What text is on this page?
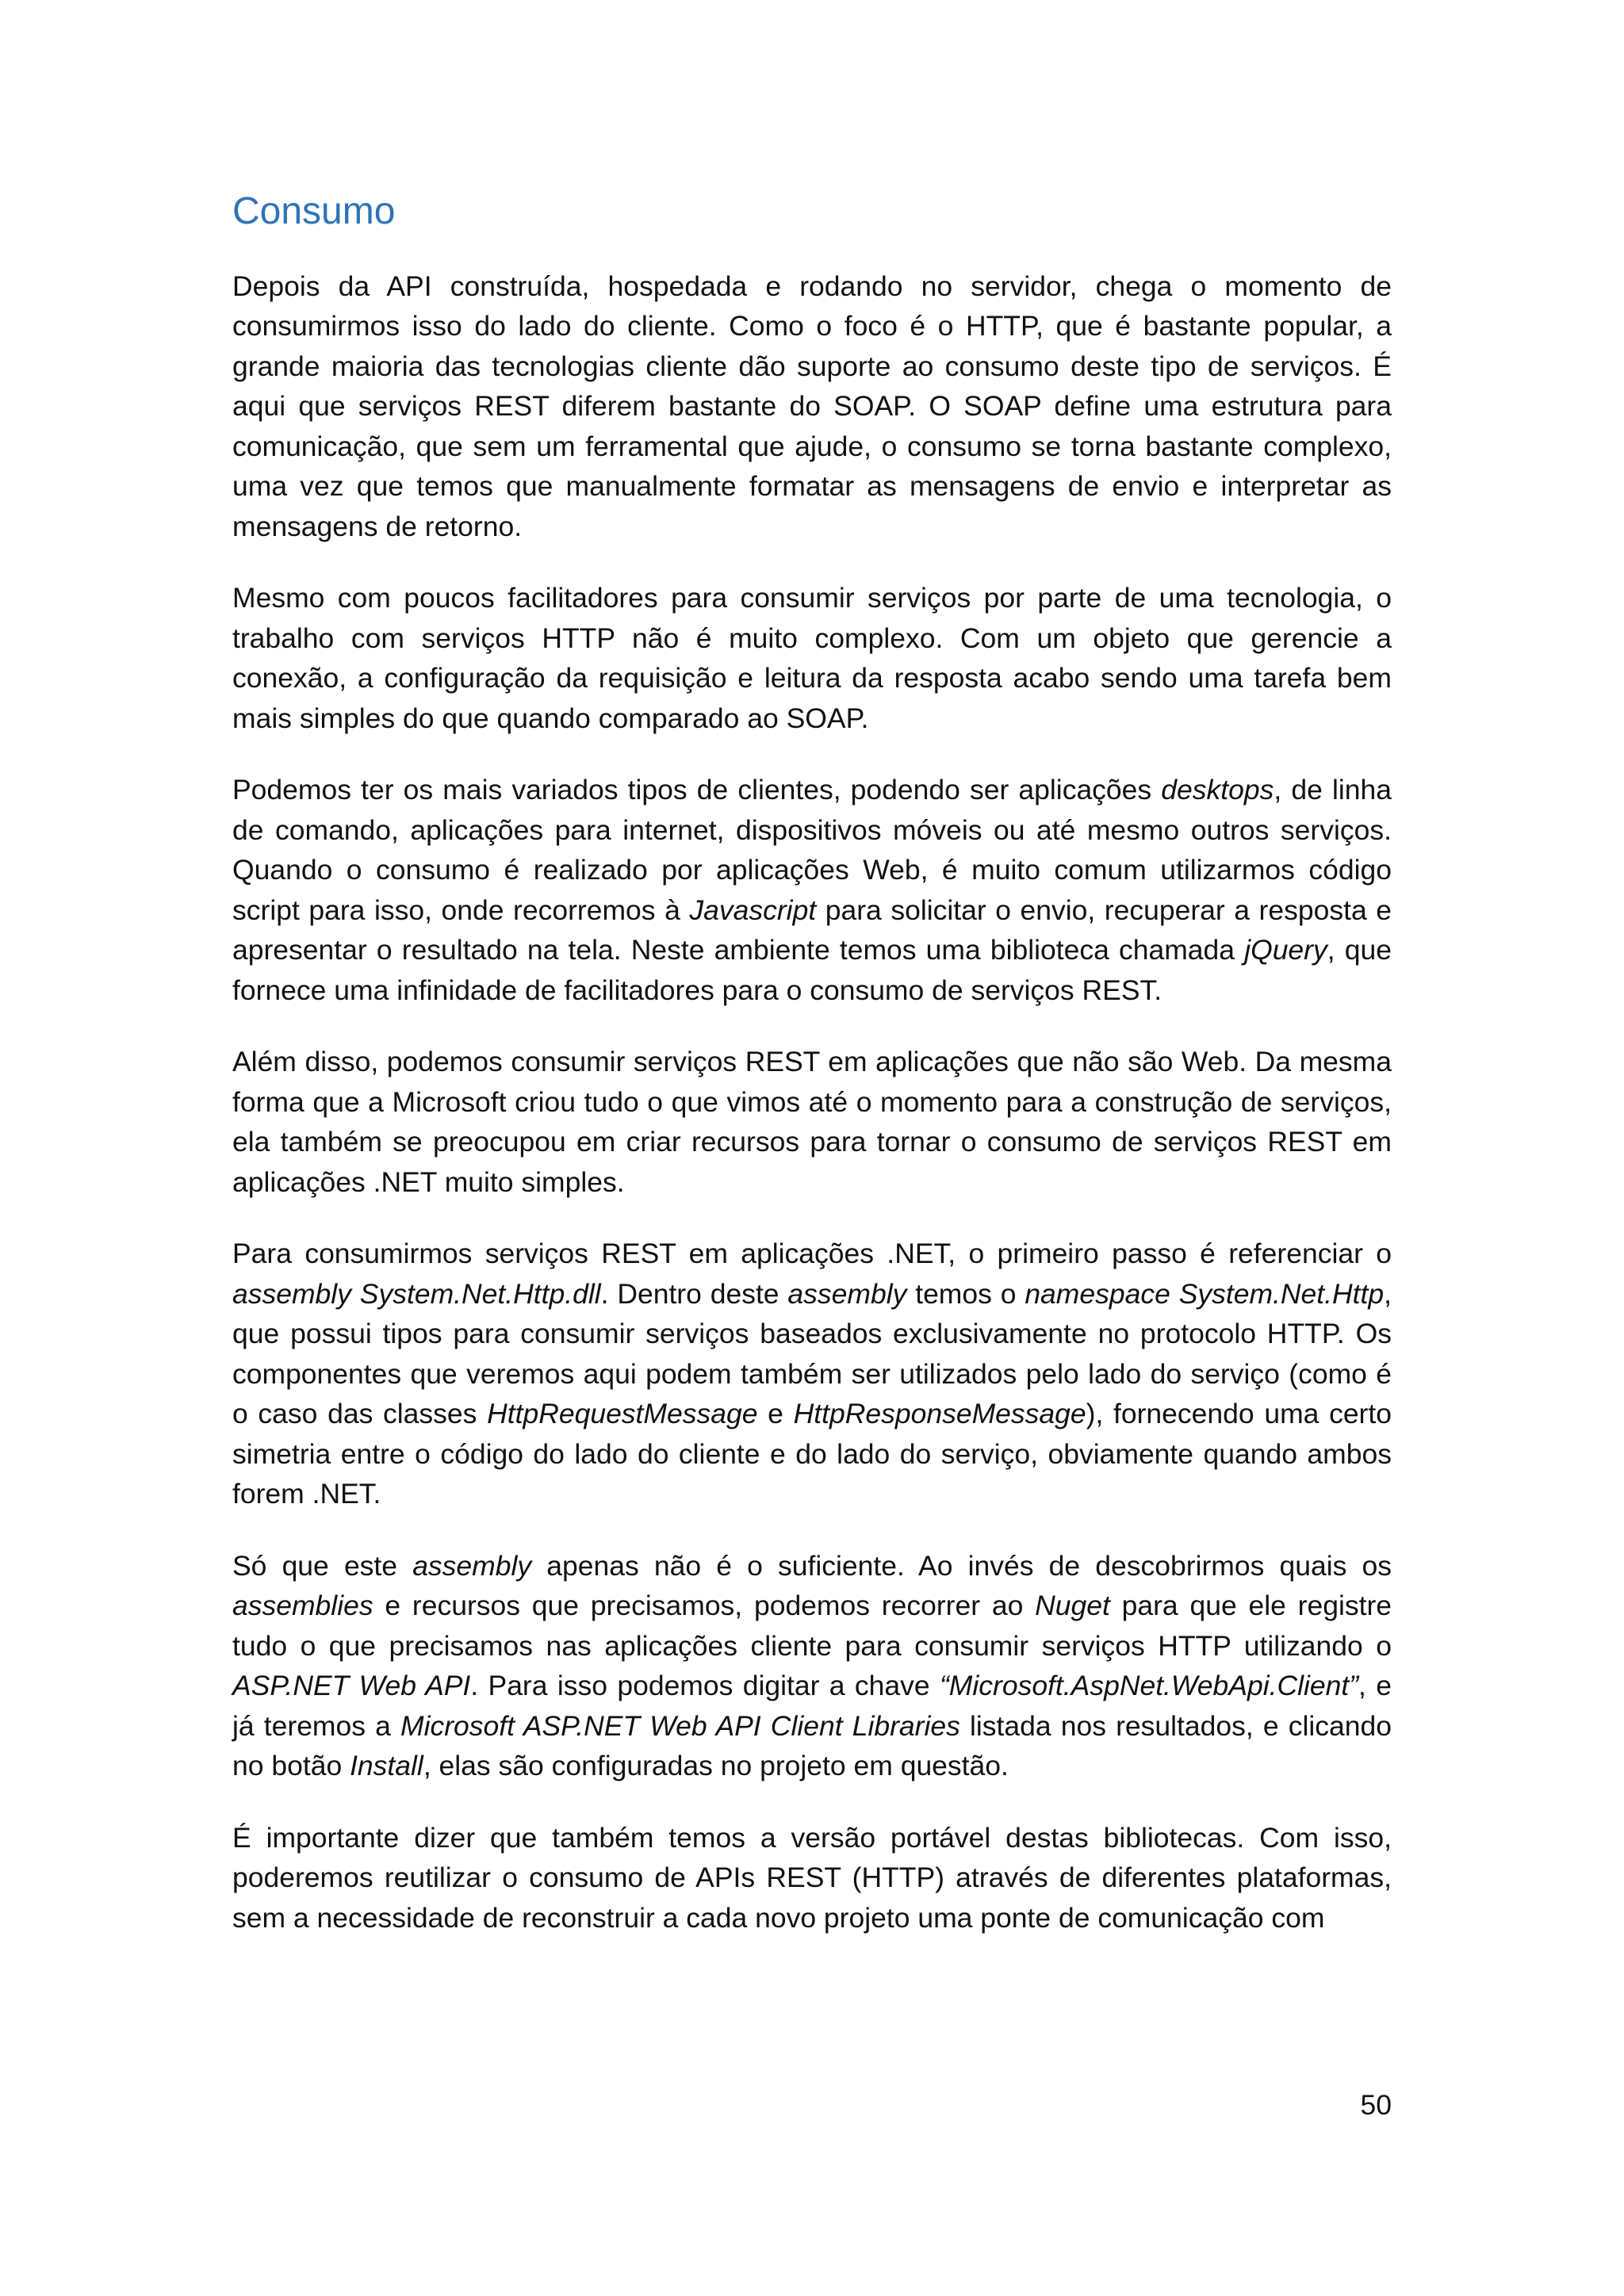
Consumo

Depois da API construída, hospedada e rodando no servidor, chega o momento de consumirmos isso do lado do cliente. Como o foco é o HTTP, que é bastante popular, a grande maioria das tecnologias cliente dão suporte ao consumo deste tipo de serviços. É aqui que serviços REST diferem bastante do SOAP. O SOAP define uma estrutura para comunicação, que sem um ferramental que ajude, o consumo se torna bastante complexo, uma vez que temos que manualmente formatar as mensagens de envio e interpretar as mensagens de retorno.

Mesmo com poucos facilitadores para consumir serviços por parte de uma tecnologia, o trabalho com serviços HTTP não é muito complexo. Com um objeto que gerencie a conexão, a configuração da requisição e leitura da resposta acabo sendo uma tarefa bem mais simples do que quando comparado ao SOAP.

Podemos ter os mais variados tipos de clientes, podendo ser aplicações desktops, de linha de comando, aplicações para internet, dispositivos móveis ou até mesmo outros serviços. Quando o consumo é realizado por aplicações Web, é muito comum utilizarmos código script para isso, onde recorremos à Javascript para solicitar o envio, recuperar a resposta e apresentar o resultado na tela. Neste ambiente temos uma biblioteca chamada jQuery, que fornece uma infinidade de facilitadores para o consumo de serviços REST.

Além disso, podemos consumir serviços REST em aplicações que não são Web. Da mesma forma que a Microsoft criou tudo o que vimos até o momento para a construção de serviços, ela também se preocupou em criar recursos para tornar o consumo de serviços REST em aplicações .NET muito simples.

Para consumirmos serviços REST em aplicações .NET, o primeiro passo é referenciar o assembly System.Net.Http.dll. Dentro deste assembly temos o namespace System.Net.Http, que possui tipos para consumir serviços baseados exclusivamente no protocolo HTTP. Os componentes que veremos aqui podem também ser utilizados pelo lado do serviço (como é o caso das classes HttpRequestMessage e HttpResponseMessage), fornecendo uma certo simetria entre o código do lado do cliente e do lado do serviço, obviamente quando ambos forem .NET.

Só que este assembly apenas não é o suficiente. Ao invés de descobrirmos quais os assemblies e recursos que precisamos, podemos recorrer ao Nuget para que ele registre tudo o que precisamos nas aplicações cliente para consumir serviços HTTP utilizando o ASP.NET Web API. Para isso podemos digitar a chave “Microsoft.AspNet.WebApi.Client”, e já teremos a Microsoft ASP.NET Web API Client Libraries listada nos resultados, e clicando no botão Install, elas são configuradas no projeto em questão.

É importante dizer que também temos a versão portável destas bibliotecas. Com isso, poderemos reutilizar o consumo de APIs REST (HTTP) através de diferentes plataformas, sem a necessidade de reconstruir a cada novo projeto uma ponte de comunicação com

50
